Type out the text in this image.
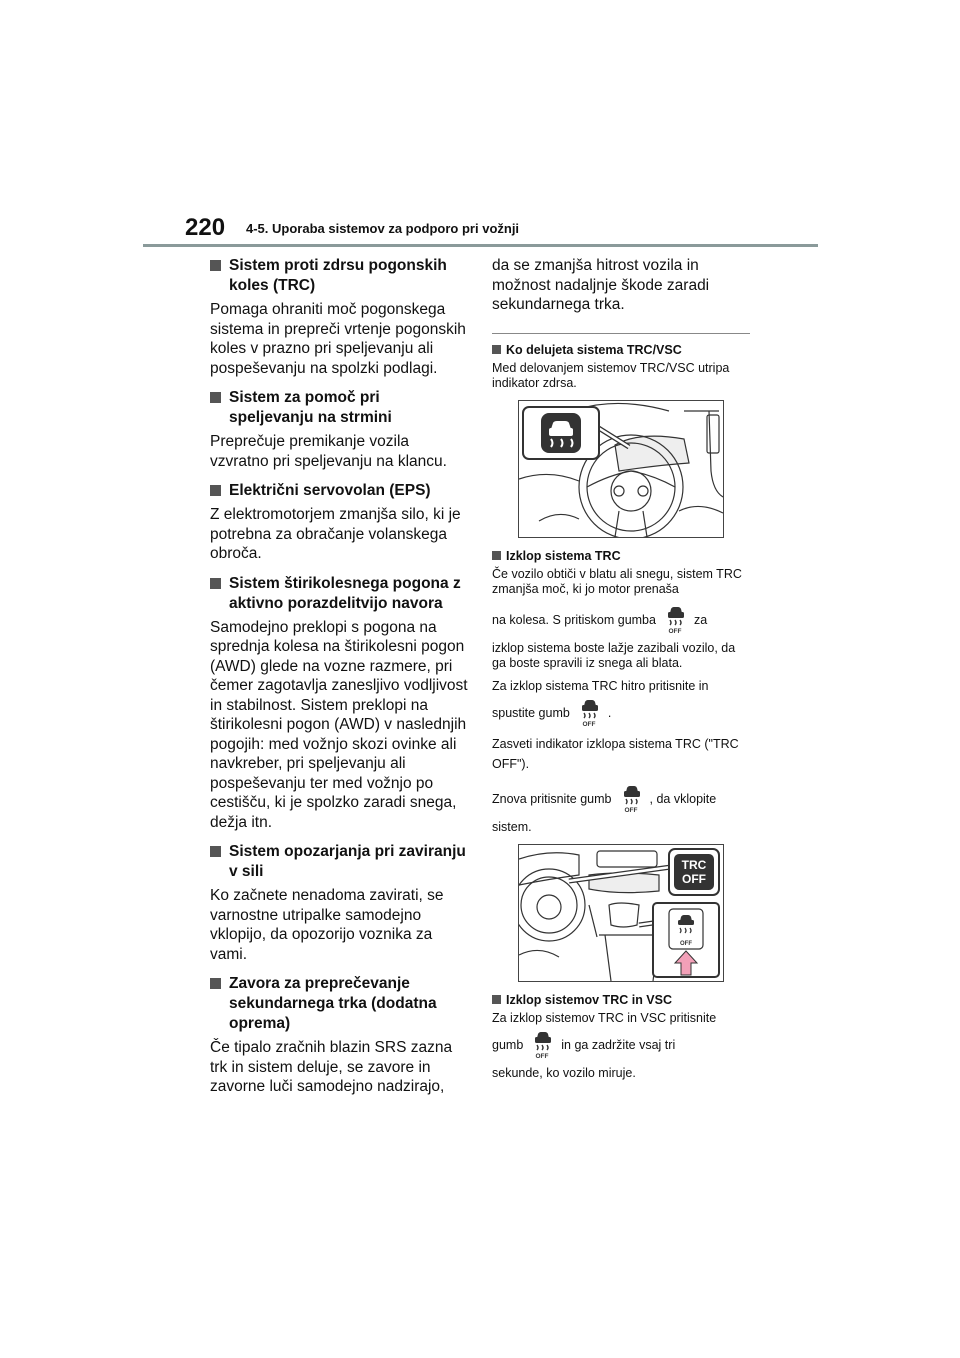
220 4-5. Uporaba sistemov za podporo pri vožnji
Sistem proti zdrsu pogonskih koles (TRC)

Pomaga ohraniti moč pogonskega sistema in prepreči vrtenje pogonskih koles v prazno pri speljevanju ali pospeševanju na spolzki podlagi.

Sistem za pomoč pri speljevanju na strmini

Preprečuje premikanje vozila vzvratno pri speljevanju na klancu.

Električni servovolan (EPS)

Z elektromotorjem zmanjša silo, ki je potrebna za obračanje volanskega obroča.

Sistem štirikolesnega pogona z aktivno porazdelitvijo navora

Samodejno preklopi s pogona na sprednja kolesa na štirikolesni pogon (AWD) glede na vozne razmere, pri čemer zagotavlja zanesljivo vodljivost in stabilnost. Sistem preklopi na štirikolesni pogon (AWD) v naslednjih pogojih: med vožnjo skozi ovinke ali navkreber, pri speljevanju ali pospeševanju ter med vožnjo po cestišču, ki je spolzko zaradi snega, dežja itn.

Sistem opozarjanja pri zaviranju v sili

Ko začnete nenadoma zavirati, se varnostne utripalke samodejno vklopijo, da opozorijo voznika za vami.

Zavora za preprečevanje sekundarnega trka (dodatna oprema)

Če tipalo zračnih blazin SRS zazna trk in sistem deluje, se zavore in zavorne luči samodejno nadzirajo,

da se zmanjša hitrost vozila in možnost nadaljnje škode zaradi sekundarnega trka.

Ko delujeta sistema TRC/VSC

Med delovanjem sistemov TRC/VSC utripa indikator zdrsa.

Izklop sistema TRC

Če vozilo obtiči v blatu ali snegu, sistem TRC zmanjša moč, ki jo motor prenaša

na kolesa. S pritiskom gumba
OFF
za

izklop sistema boste lažje zazibali vozilo, da ga boste spravili iz snega ali blata.

Za izklop sistema TRC hitro pritisnite in

spustite gumb
OFF
.

Zasveti indikator izklopa sistema TRC ("TRC OFF").

Znova pritisnite gumb
OFF
, da vklopite

sistem.

TRC
OFF
OFF
Izklop sistemov TRC in VSC

Za izklop sistemov TRC in VSC pritisnite

gumb
OFF
in ga zadržite vsaj tri

sekunde, ko vozilo miruje.
